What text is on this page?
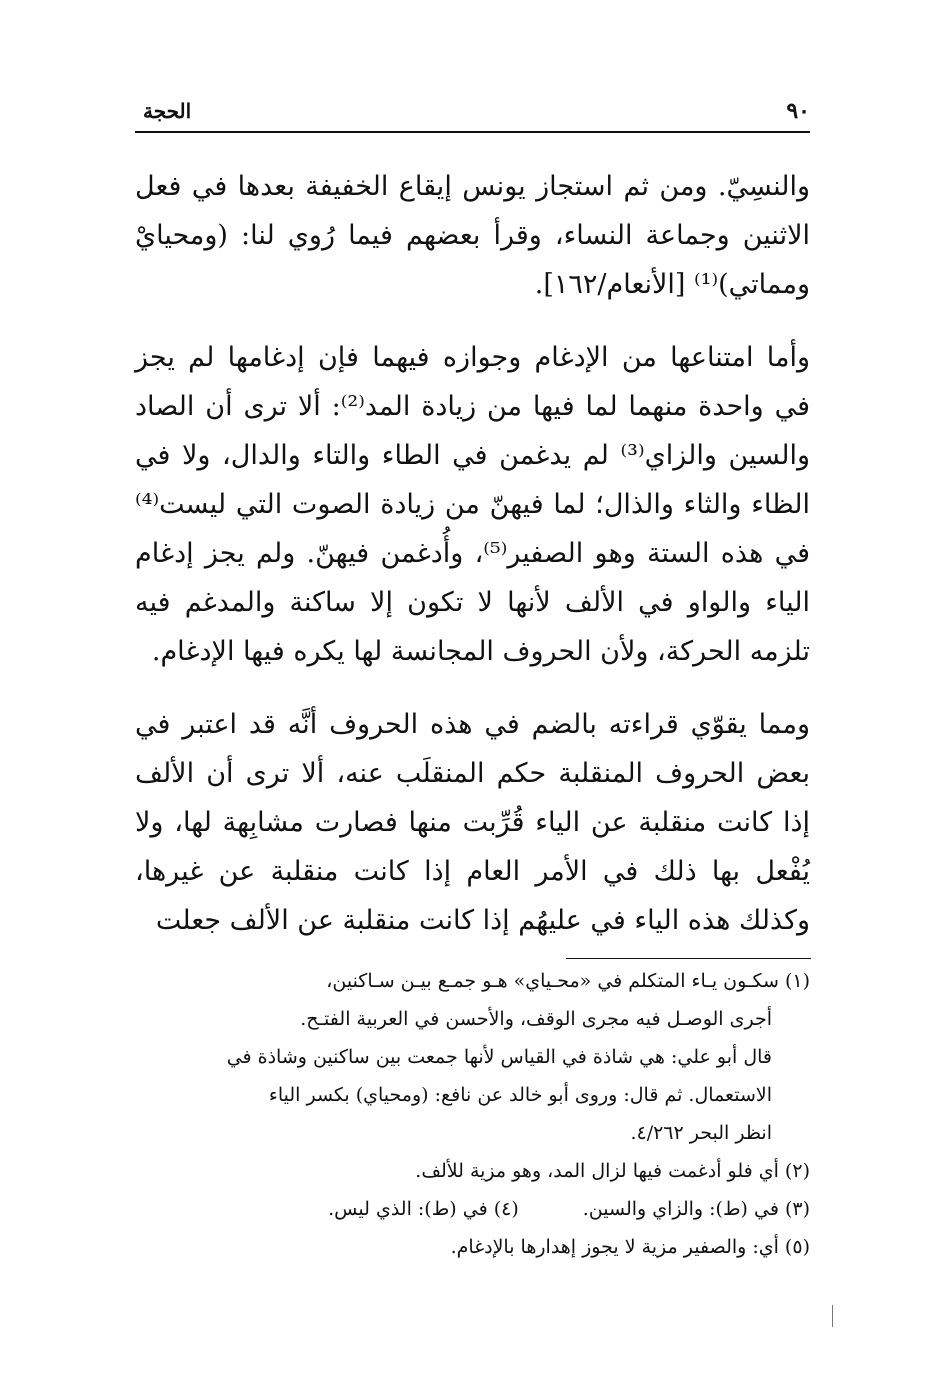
٩٠
الحجة

والنسِيّ. ومن ثم استجاز يونس إيقاع الخفيفة بعدها في فعل الاثنين وجماعة النساء، وقرأ بعضهم فيما رُوي لنا: (ومحيايْ ومماتي)⁽¹⁾ [الأنعام/١٦٢].

وأما امتناعها من الإدغام وجوازه فيهما فإن إدغامها لم يجز في واحدة منهما لما فيها من زيادة المد⁽²⁾: ألا ترى أن الصاد والسين والزاي⁽³⁾ لم يدغمن في الطاء والتاء والدال، ولا في الظاء والثاء والذال؛ لما فيهنّ من زيادة الصوت التي ليست⁽⁴⁾ في هذه الستة وهو الصفير⁽⁵⁾، وأُدغمن فيهنّ. ولم يجز إدغام الياء والواو في الألف لأنها لا تكون إلا ساكنة والمدغم فيه تلزمه الحركة، ولأن الحروف المجانسة لها يكره فيها الإدغام.

ومما يقوّي قراءته بالضم في هذه الحروف أنَّه قد اعتبر في بعض الحروف المنقلبة حكم المنقلَب عنه، ألا ترى أن الألف إذا كانت منقلبة عن الياء قُرِّبت منها فصارت مشابِهة لها، ولا يُفْعل بها ذلك في الأمر العام إذا كانت منقلبة عن غيرها، وكذلك هذه الياء في عليهُم إذا كانت منقلبة عن الألف جعلت

(١) سكـون يـاء المتكلم في «محـياي» هـو جمـع بيـن سـاكنين،

أجرى الوصـل فيه مجرى الوقف، والأحسن في العربية الفتـح.

قال أبو علي: هي شاذة في القياس لأنها جمعت بين ساكنين وشاذة في

الاستعمال. ثم قال: وروى أبو خالد عن نافع: (ومحياي) بكسر الياء

انظر البحر ٤/٢٦٢.

(٢) أي فلو أدغمت فيها لزال المد، وهو مزية للألف.

(٣) في (ط): والزاي والسين.
(٤) في (ط): الذي ليس.

(٥) أي: والصفير مزية لا يجوز إهدارها بالإدغام.
